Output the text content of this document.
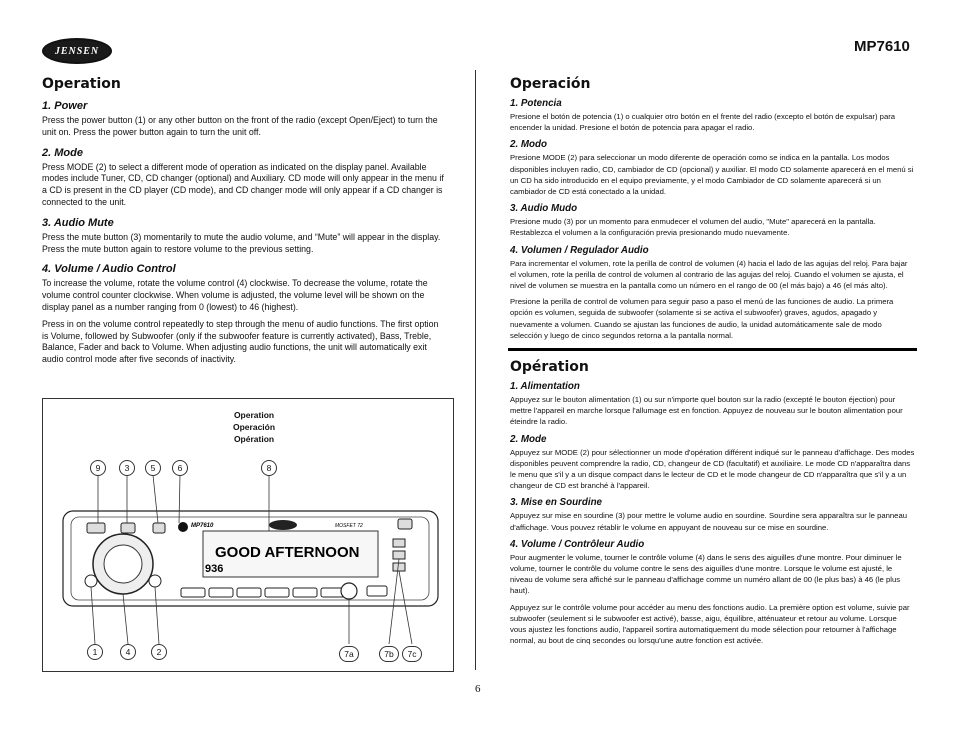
JENSEN	MP7610
Operation
1. Power

Press the power button (1) or any other button on the front of the radio (except Open/Eject) to turn the unit on. Press the power button again to turn the unit off.

2. Mode

Press MODE (2) to select a different mode of operation as indicated on the display panel. Available modes include Tuner, CD, CD changer (optional) and Auxiliary. CD mode will only appear in the menu if a CD is present in the CD player (CD mode), and CD changer mode will only appear if a CD changer is connected to the unit.

3. Audio Mute

Press the mute button (3) momentarily to mute the audio volume, and “Mute” will appear in the display. Press the mute button again to restore volume to the previous setting.

4. Volume / Audio Control

To increase the volume, rotate the volume control (4) clockwise. To decrease the volume, rotate the volume control counter clockwise. When volume is adjusted, the volume level will be shown on the display panel as a number ranging from 0 (lowest) to 46 (highest).

Press in on the volume control repeatedly to step through the menu of audio functions. The first option is Volume, followed by Subwoofer (only if the subwoofer feature is currently activated), Bass, Treble, Balance, Fader and back to Volume. When adjusting audio functions, the unit will automatically exit audio control mode after five seconds of inactivity.

Operación
1. Potencia

Presione el botón de potencia (1) o cualquier otro botón en el frente del radio (excepto el botón de expulsar) para encender la unidad. Presione el botón de potencia para apagar el radio.

2. Modo

Presione MODE (2) para seleccionar un modo diferente de operación como se indica en la pantalla. Los modos disponibles incluyen radio, CD, cambiador de CD (opcional) y auxiliar. El modo CD solamente aparecerá en el menú si un CD ha sido introducido en el equipo previamente, y el modo Cambiador de CD solamente aparecerá si un cambiador de CD está conectado a la unidad.

3. Audio Mudo

Presione mudo (3) por un momento para enmudecer el volumen del audio, "Mute" aparecerá en la pantalla. Restablezca el volumen a la configuración previa presionando mudo nuevamente.

4. Volumen / Regulador Audio

Para incrementar el volumen, rote la perilla de control de volumen (4) hacia el lado de las agujas del reloj. Para bajar el volumen, rote la perilla de control de volumen al contrario de las agujas del reloj. Cuando el volumen se ajusta, el nivel de volumen se muestra en la pantalla como un número en el rango de 00 (el más bajo) a 46 (el más alto).

Presione la perilla de control de volumen para seguir paso a paso el menú de las funciones de audio. La primera opción es volumen, seguida de subwoofer (solamente si se activa el subwoofer) graves, agudos, apagado y nuevamente a volumen. Cuando se ajustan las funciones de audio, la unidad automáticamente sale de modo selección y luego de cinco segundos retorna a la pantalla normal.

Opération
1. Alimentation

Appuyez sur le bouton alimentation (1) ou sur n'importe quel bouton sur la radio (excepté le bouton éjection) pour mettre l'appareil en marche lorsque l'allumage est en fonction. Appuyez de nouveau sur le bouton alimentation pour éteindre la radio.

2. Mode

Appuyez sur MODE (2) pour sélectionner un mode d'opération différent indiqué sur le panneau d'affichage. Des modes disponibles peuvent comprendre la radio, CD, changeur de CD (facultatif) et auxiliaire. Le mode CD n'apparaîtra dans le menu que s'il y a un disque compact dans le lecteur de CD et le mode changeur de CD n'apparaîtra que s'il y a un changeur de CD est branché à l'appareil.

3. Mise en Sourdine

Appuyez sur mise en sourdine (3) pour mettre le volume audio en sourdine. Sourdine sera apparaîtra sur le panneau d'affichage. Vous pouvez rétablir le volume en appuyant de nouveau sur ce mise en sourdine.

4. Volume / Contrôleur Audio

Pour augmenter le volume, tourner le contrôle volume (4) dans le sens des aiguilles d'une montre. Pour diminuer le volume, tourner le contrôle du volume contre le sens des aiguilles d'une montre. Lorsque le volume est ajusté, le niveau de volume sera affiché sur le panneau d'affichage comme un numéro allant de 00 (le plus bas) à 46 (le plus haut).

Appuyez sur le contrôle volume pour accéder au menu des fonctions audio. La première option est volume, suivie par subwoofer (seulement si le subwoofer est activé), basse, aigu, équilibre, atténuateur et retour au volume. Lorsque vous ajustez les fonctions audio, l'appareil sortira automatiquement du mode sélection pour retourner à l'affichage normal, au bout de cinq secondes ou lorsqu'une autre fonction est activée.

Operation
Operación
Opération
GOOD AFTERNOON
936
MP7610	MOSFET 72
9	3	5	6	8
1	4	2	7a	7b	7c
6
